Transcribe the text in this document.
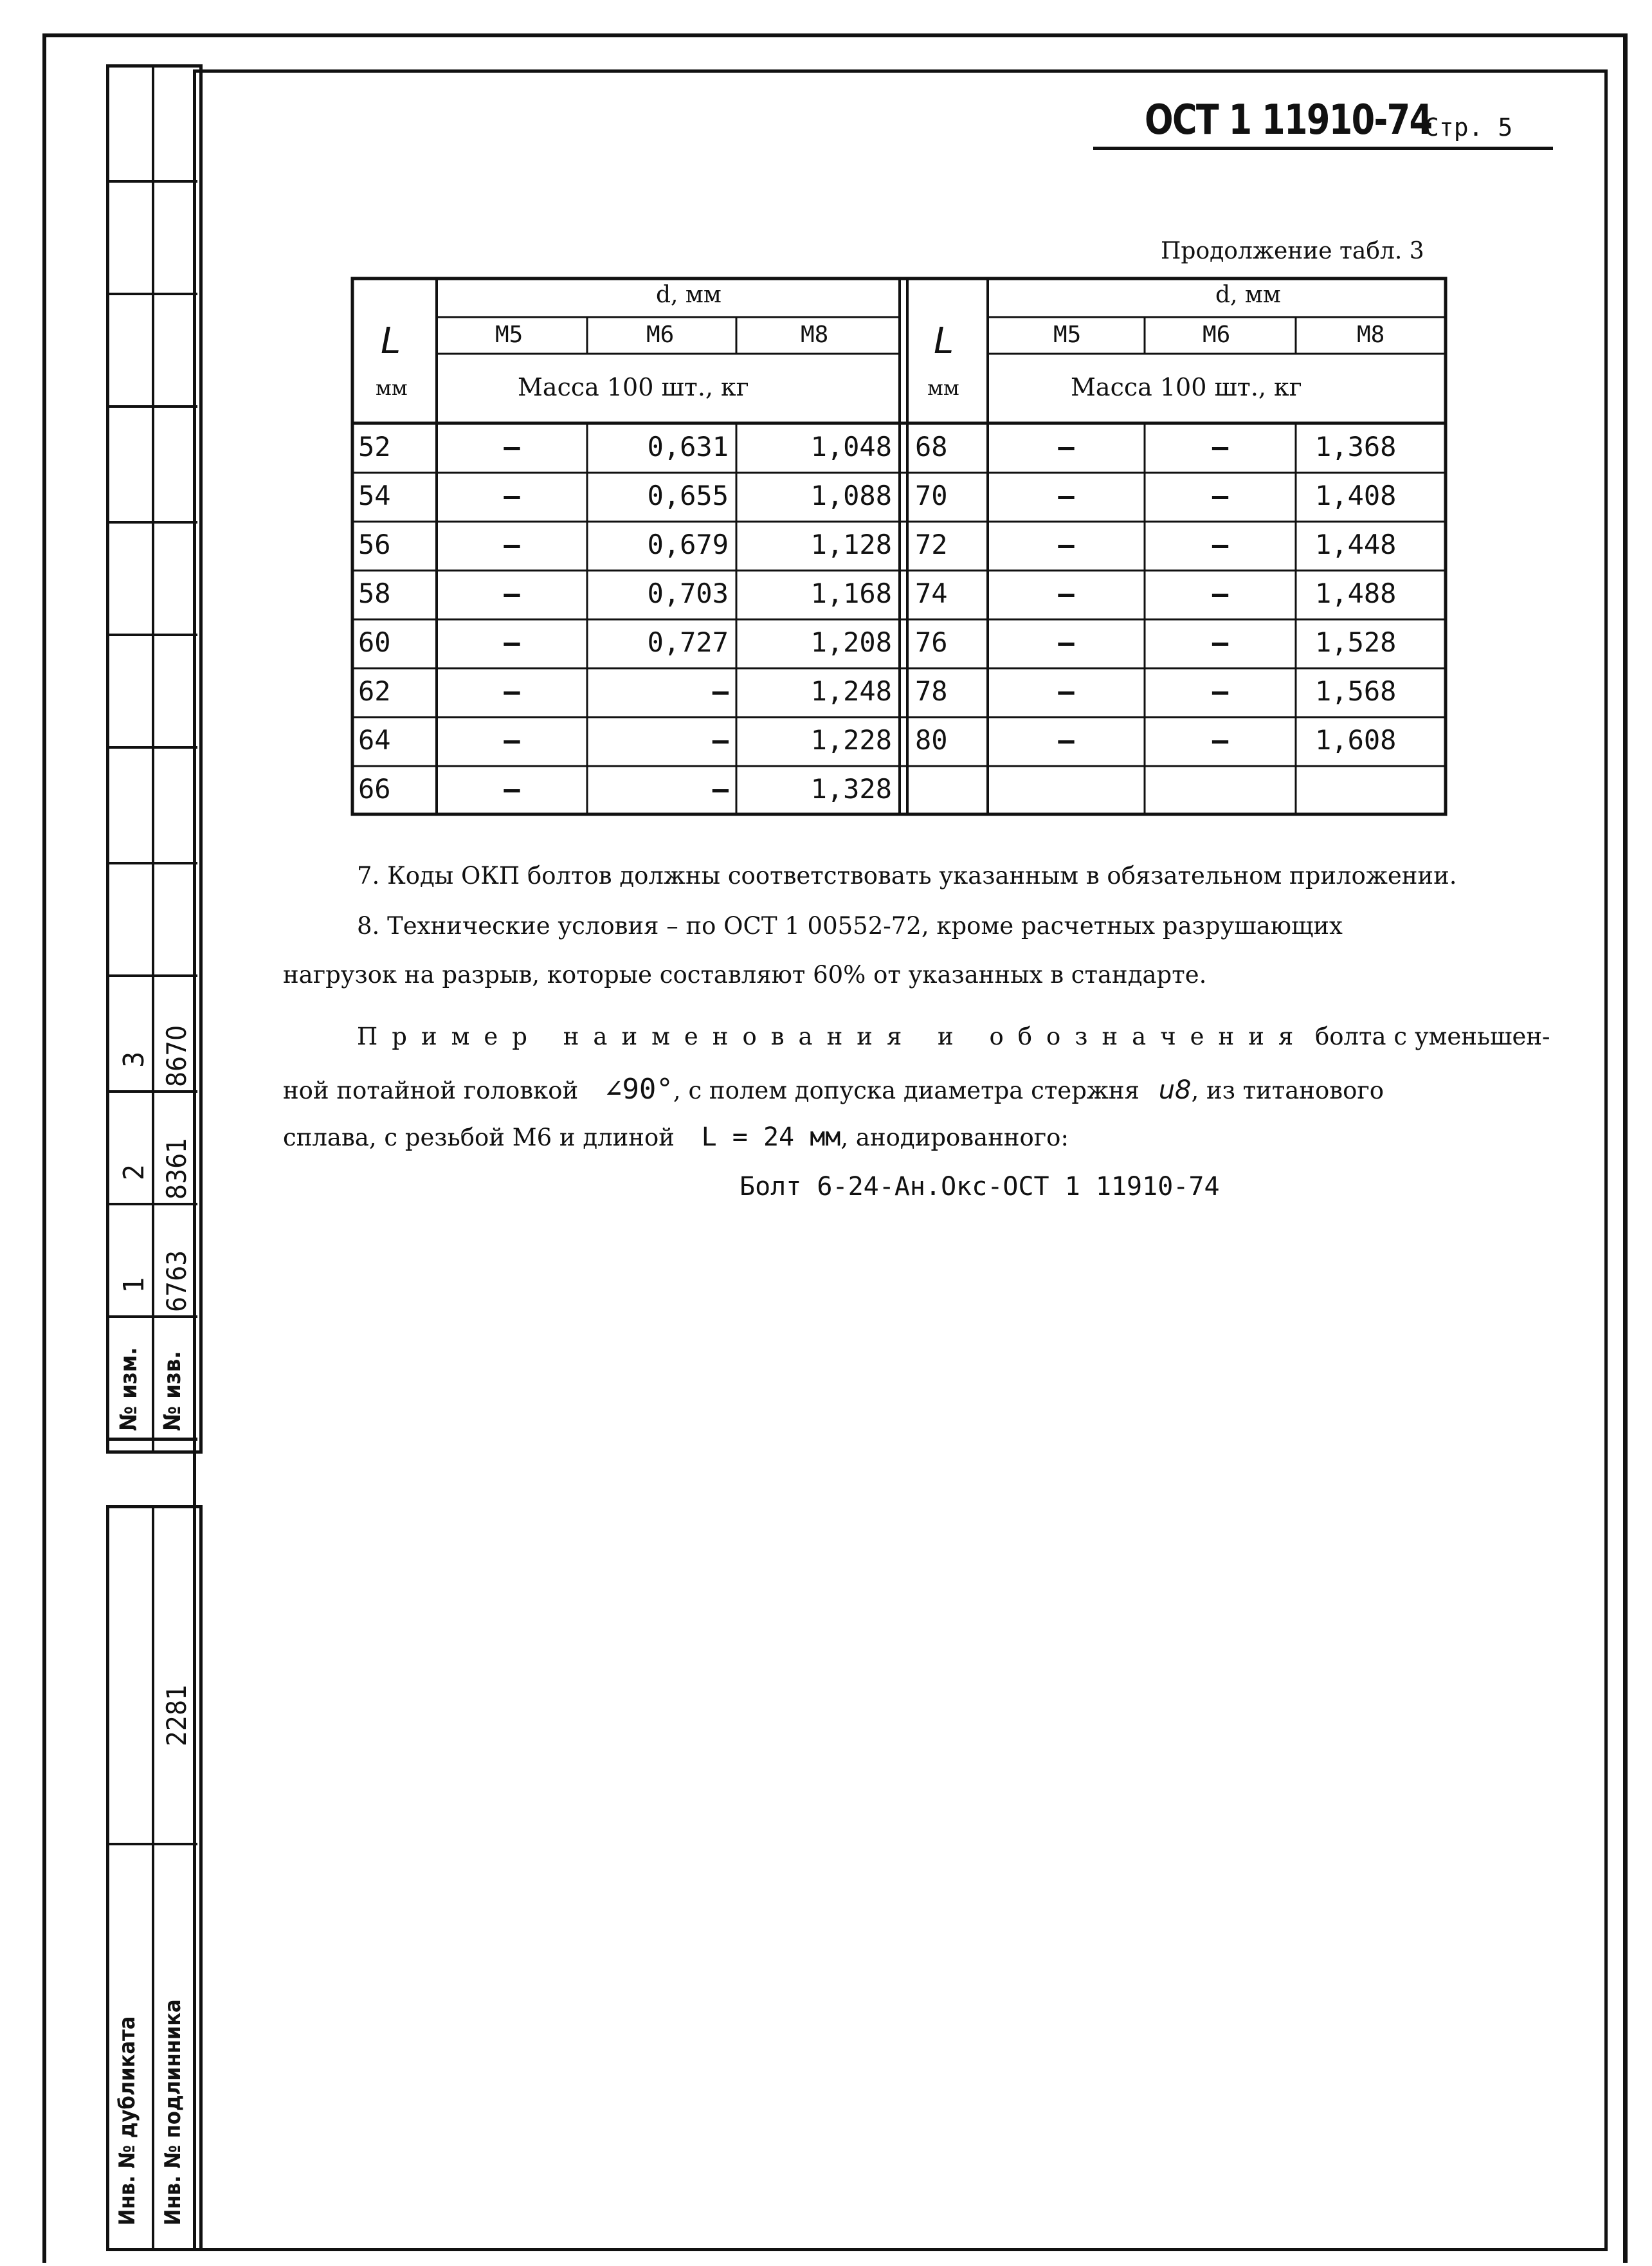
3 8670
2 8361
1 6763
№ изм. № изв.
2281
Инв. № дубликата Инв. № подлинника
ОСТ 1 11910-74
Стр. 5
Продолжение табл. 3
L
мм
d, мм
М5	М6	М8
Масса 100 шт., кг
L
мм
d, мм
М5	М6	М8
Масса 100 шт., кг
52	–	0,631	1,048
54	–	0,655	1,088
56	–	0,679	1,128
58	–	0,703	1,168
60	–	0,727	1,208
62	–	–	1,248
64	–	–	1,228
66	–	–	1,328
68	–	–	1,368
70	–	–	1,408
72	–	–	1,448
74	–	–	1,488
76	–	–	1,528
78	–	–	1,568
80	–	–	1,608
7. Коды ОКП болтов должны соответствовать указанным в обязательном приложении.
8. Технические условия – по ОСТ 1 00552-72, кроме расчетных разрушающих
нагрузок на разрыв, которые составляют 60% от указанных в стандарте.
Пример наименования и обозначения болта с уменьшен-
ной потайной головкой ∠90°, с полем допуска диаметра стержня u8, из титанового
сплава, с резьбой М6 и длиной L = 24 мм, анодированного:
Болт 6-24-Ан.Окс-ОСТ 1 11910-74
